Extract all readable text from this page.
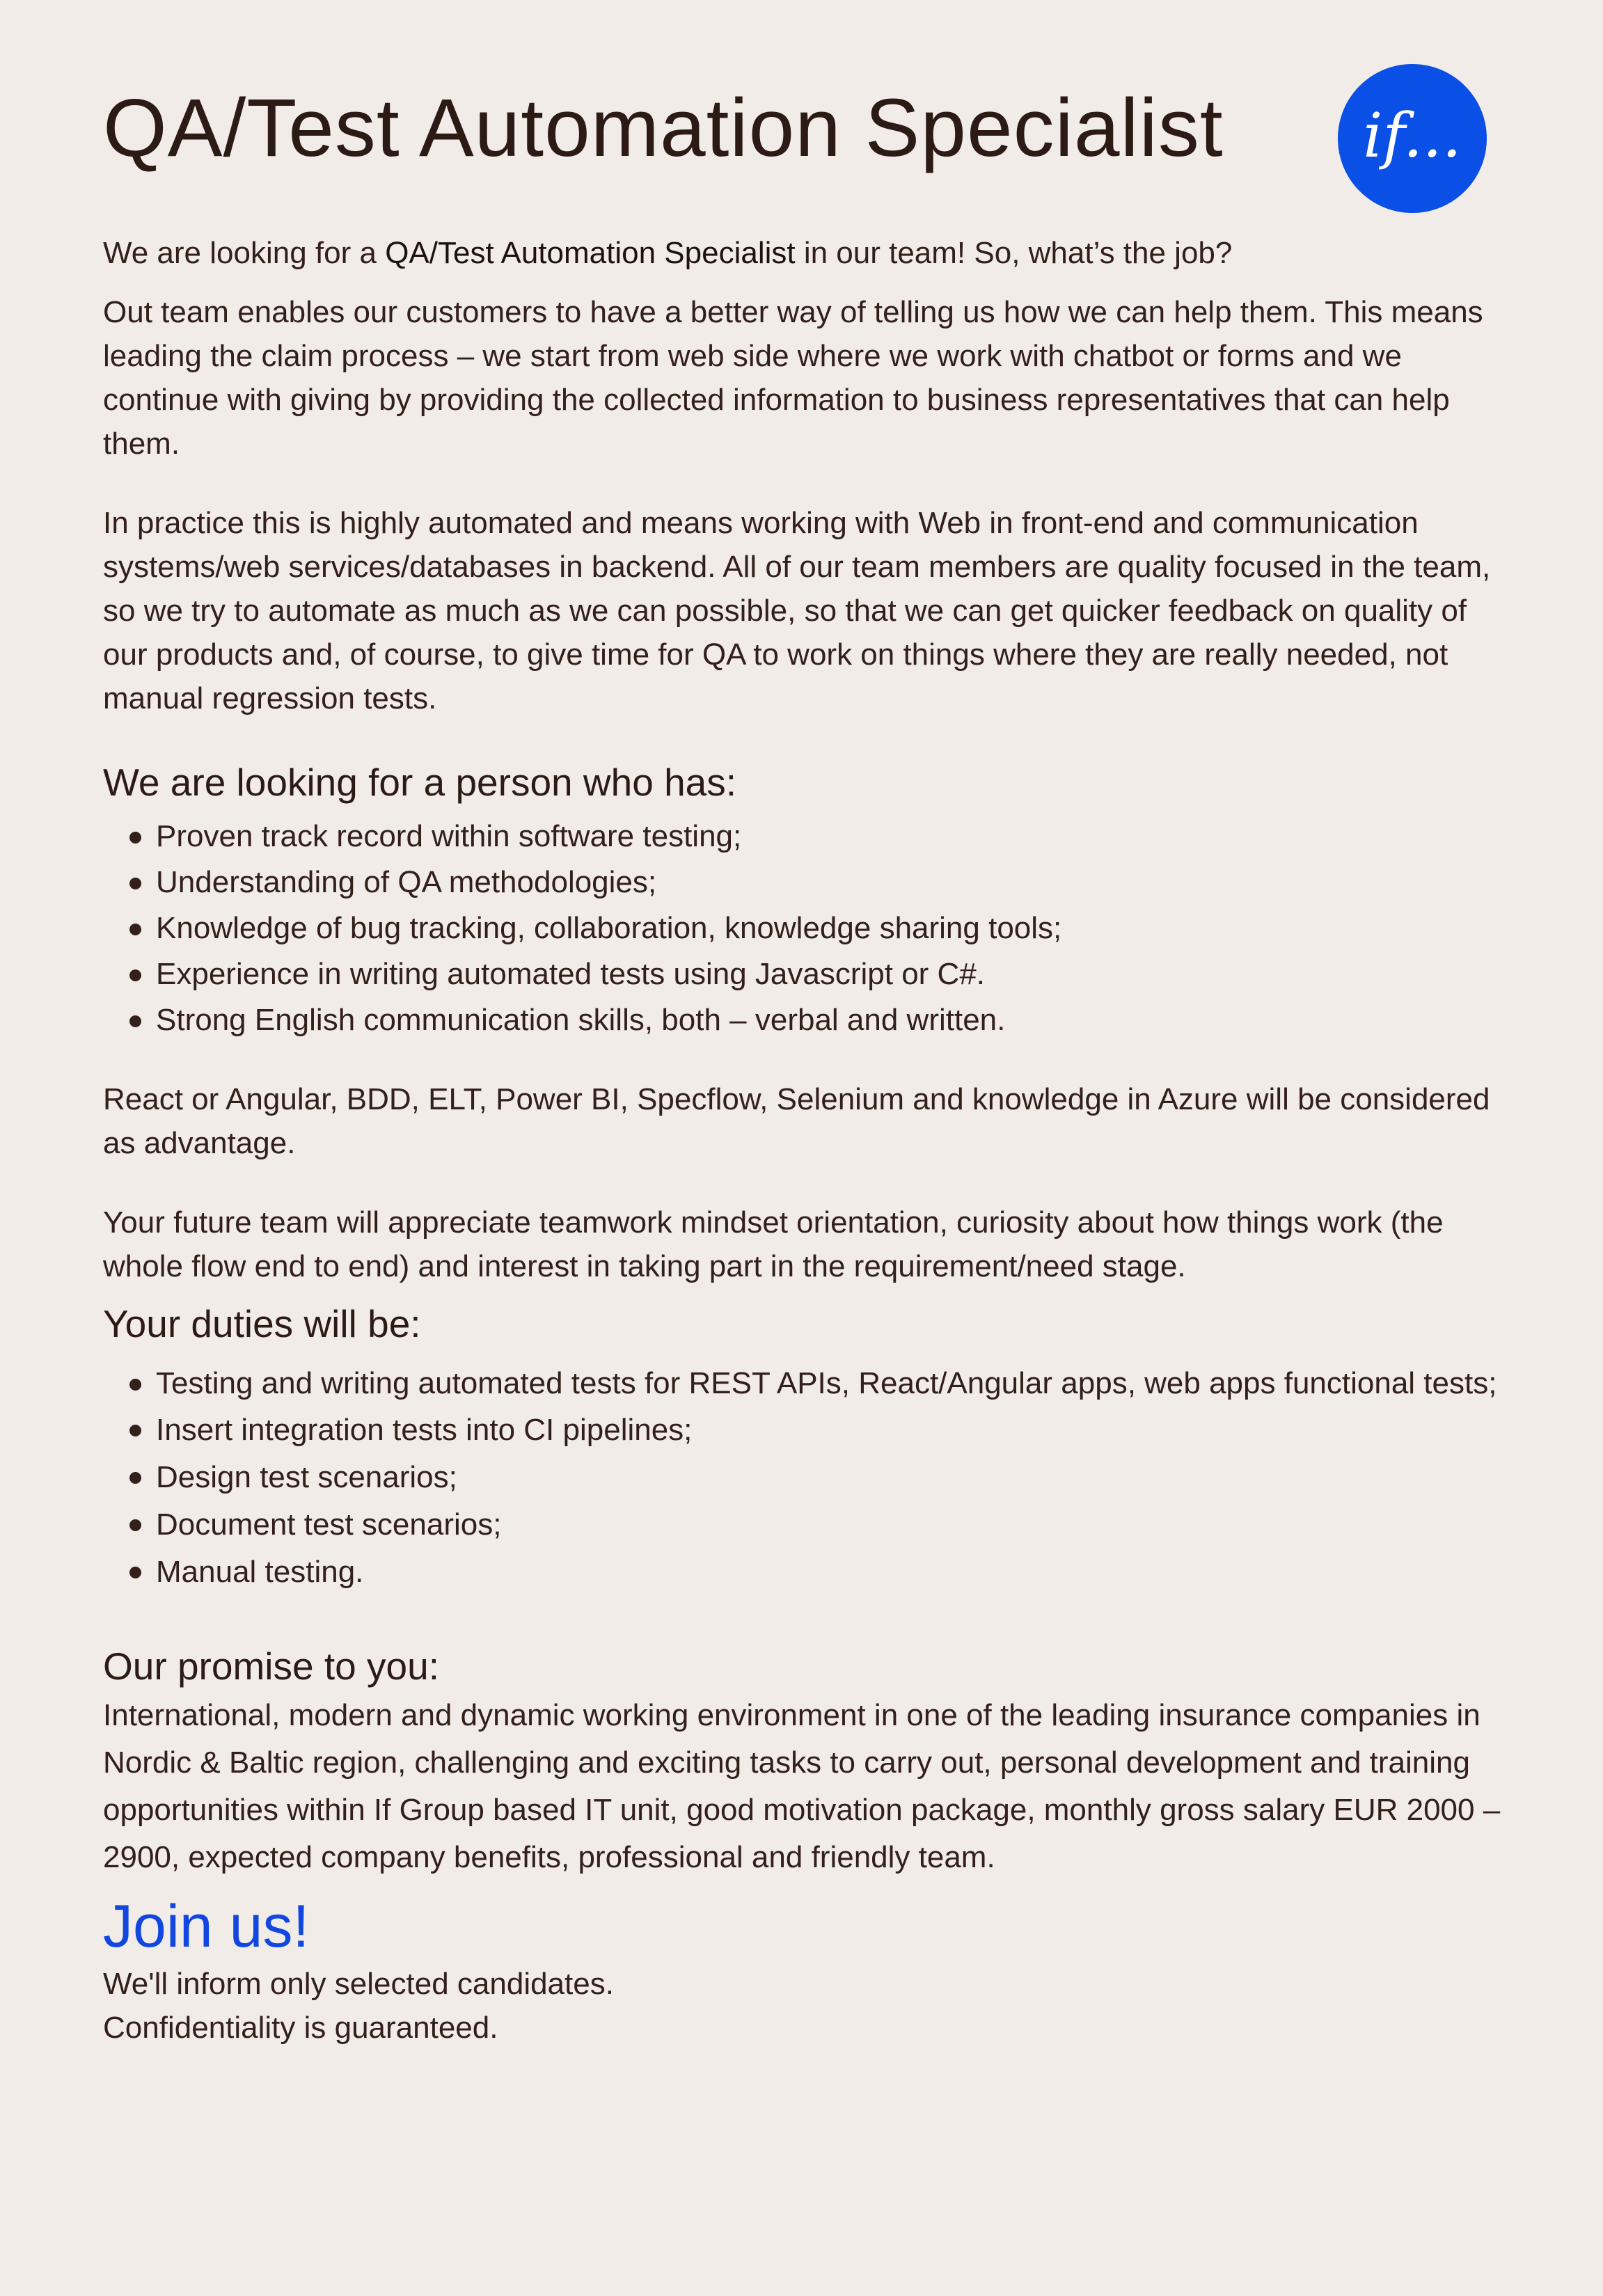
if...
QA/Test Automation Specialist

We are looking for a QA/Test Automation Specialist in our team! So, what’s the job?

Out team enables our customers to have a better way of telling us how we can help them. This means leading the claim process – we start from web side where we work with chatbot or forms and we continue with giving by providing the collected information to business representatives that can help them.

In practice this is highly automated and means working with Web in front-end and communication systems/web services/databases in backend. All of our team members are quality focused in the team, so we try to automate as much as we can possible, so that we can get quicker feedback on quality of our products and, of course, to give time for QA to work on things where they are really needed, not manual regression tests.

We are looking for a person who has:
Proven track record within software testing;
Understanding of QA methodologies;
Knowledge of bug tracking, collaboration, knowledge sharing tools;
Experience in writing automated tests using Javascript or C#.
Strong English communication skills, both – verbal and written.

React or Angular, BDD, ELT, Power BI, Specflow, Selenium and knowledge in Azure will be considered as advantage.

Your future team will appreciate teamwork mindset orientation, curiosity about how things work (the whole flow end to end) and interest in taking part in the requirement/need stage.

Your duties will be:
Testing and writing automated tests for REST APIs, React/Angular apps, web apps functional tests;
Insert integration tests into CI pipelines;
Design test scenarios;
Document test scenarios;
Manual testing.
Our promise to you:

International, modern and dynamic working environment in one of the leading insurance companies in Nordic & Baltic region, challenging and exciting tasks to carry out, personal development and training opportunities within If Group based IT unit, good motivation package, monthly gross salary EUR 2000 – 2900, expected company benefits, professional and friendly team.

Join us!

We'll inform only selected candidates.

Confidentiality is guaranteed.
